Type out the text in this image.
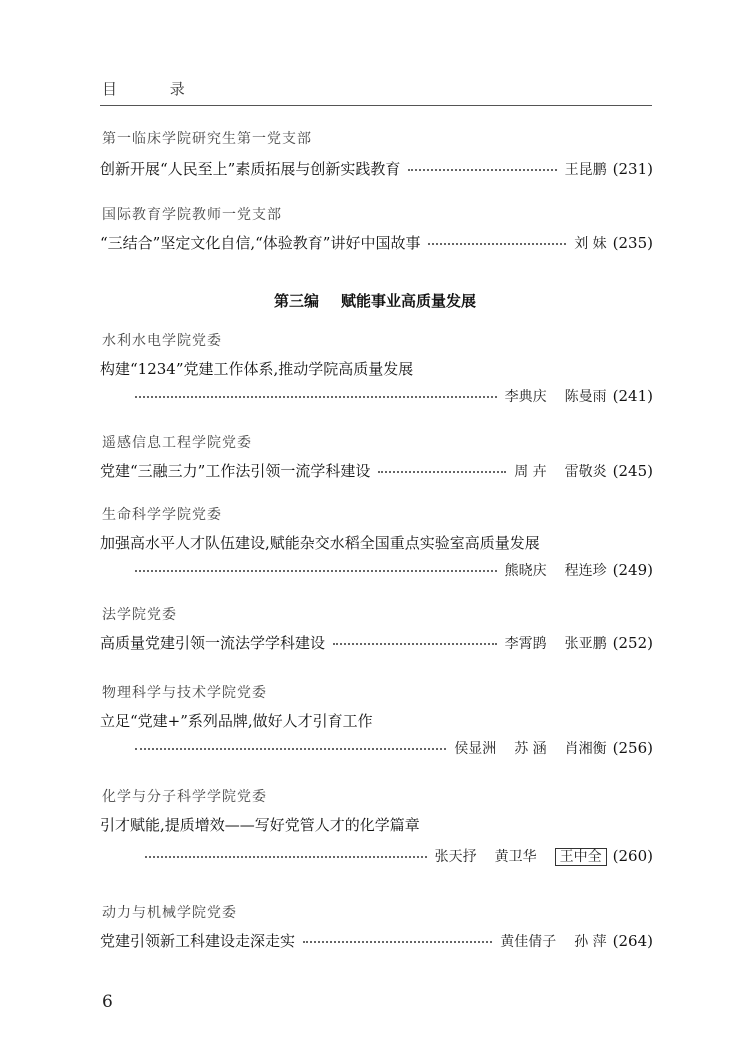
目 录
第一临床学院研究生第一党支部
创新开展“人民至上”素质拓展与创新实践教育	王昆鹏 (231)
国际教育学院教师一党支部
“三结合”坚定文化自信,“体验教育”讲好中国故事	刘 妹 (235)
第三编 赋能事业高质量发展
水利水电学院党委
构建“1234”党建工作体系,推动学院高质量发展
李典庆 陈曼雨 (241)
遥感信息工程学院党委
党建“三融三力”工作法引领一流学科建设	周 卉 雷敬炎 (245)
生命科学学院党委
加强高水平人才队伍建设,赋能杂交水稻全国重点实验室高质量发展
熊晓庆 程连珍 (249)
法学院党委
高质量党建引领一流法学学科建设	李霄鹍 张亚鹏 (252)
物理科学与技术学院党委
立足“党建+”系列品牌,做好人才引育工作
侯显洲 苏 涵 肖湘衡 (256)
化学与分子科学学院党委
引才赋能,提质增效——写好党管人才的化学篇章
张天抒 黄卫华 王中全 (260)
动力与机械学院党委
党建引领新工科建设走深走实	黄佳倩子 孙 萍 (264)
6
